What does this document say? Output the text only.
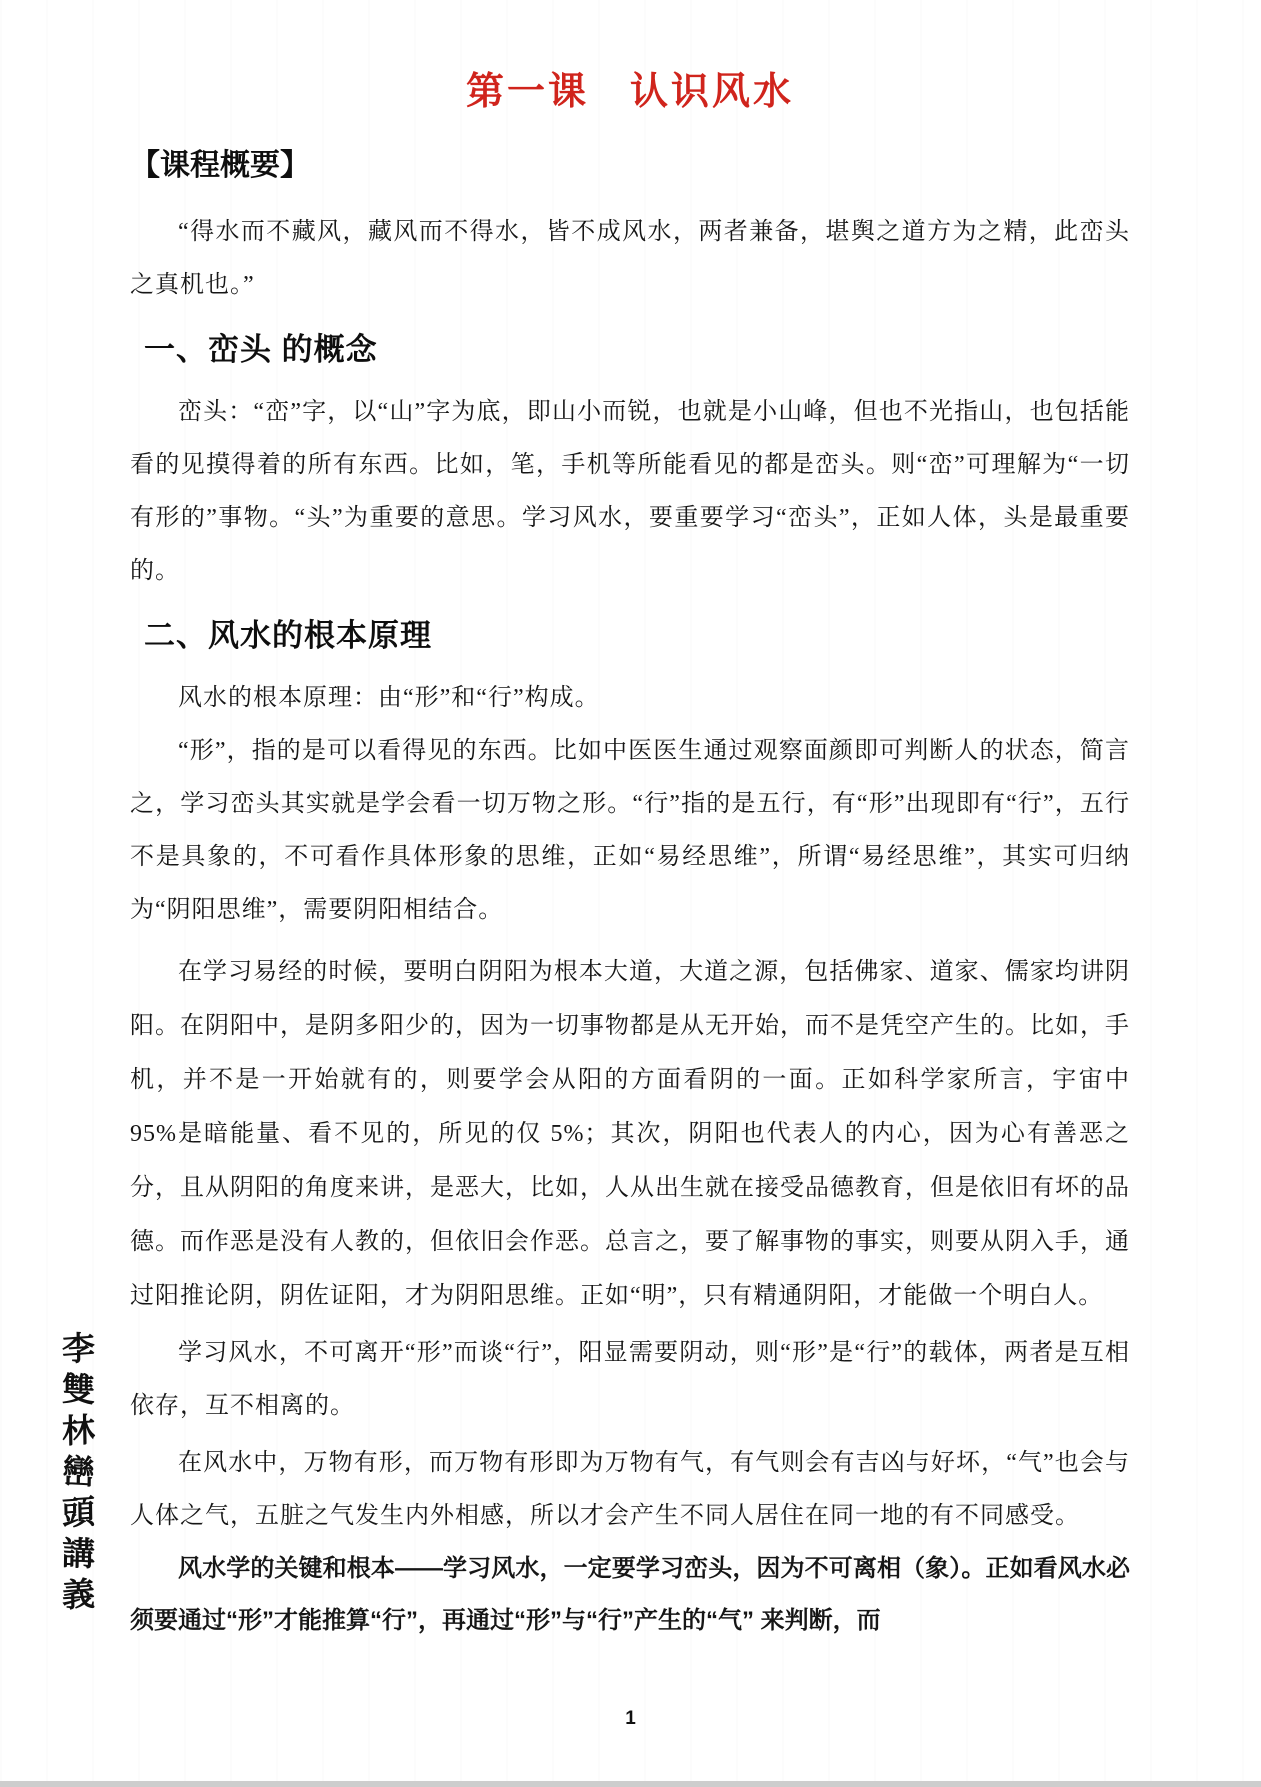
李
雙
林
巒
頭
講
義
第一课　认识风水
【课程概要】

“得水而不藏风，藏风而不得水，皆不成风水，两者兼备，堪舆之道方为之精，此峦头之真机也。”

一、峦头 的概念

峦头：“峦”字，以“山”字为底，即山小而锐，也就是小山峰，但也不光指山，也包括能看的见摸得着的所有东西。比如，笔，手机等所能看见的都是峦头。则“峦”可理解为“一切有形的”事物。“头”为重要的意思。学习风水，要重要学习“峦头”，正如人体，头是最重要的。

二、风水的根本原理

风水的根本原理：由“形”和“行”构成。

“形”，指的是可以看得见的东西。比如中医医生通过观察面颜即可判断人的状态，简言之，学习峦头其实就是学会看一切万物之形。“行”指的是五行，有“形”出现即有“行”，五行不是具象的，不可看作具体形象的思维，正如“易经思维”，所谓“易经思维”，其实可归纳为“阴阳思维”，需要阴阳相结合。

在学习易经的时候，要明白阴阳为根本大道，大道之源，包括佛家、道家、儒家均讲阴阳。在阴阳中，是阴多阳少的，因为一切事物都是从无开始，而不是凭空产生的。比如，手机，并不是一开始就有的，则要学会从阳的方面看阴的一面。正如科学家所言，宇宙中 95%是暗能量、看不见的，所见的仅 5%；其次，阴阳也代表人的内心，因为心有善恶之分，且从阴阳的角度来讲，是恶大，比如，人从出生就在接受品德教育，但是依旧有坏的品德。而作恶是没有人教的，但依旧会作恶。总言之，要了解事物的事实，则要从阴入手，通过阳推论阴，阴佐证阳，才为阴阳思维。正如“明”，只有精通阴阳，才能做一个明白人。

学习风水，不可离开“形”而谈“行”，阳显需要阴动，则“形”是“行”的载体，两者是互相依存，互不相离的。

在风水中，万物有形，而万物有形即为万物有气，有气则会有吉凶与好坏，“气”也会与人体之气，五脏之气发生内外相感，所以才会产生不同人居住在同一地的有不同感受。

风水学的关键和根本——学习风水，一定要学习峦头，因为不可离相（象）。正如看风水必须要通过“形”才能推算“行”，再通过“形”与“行”产生的“气” 来判断，而

1
